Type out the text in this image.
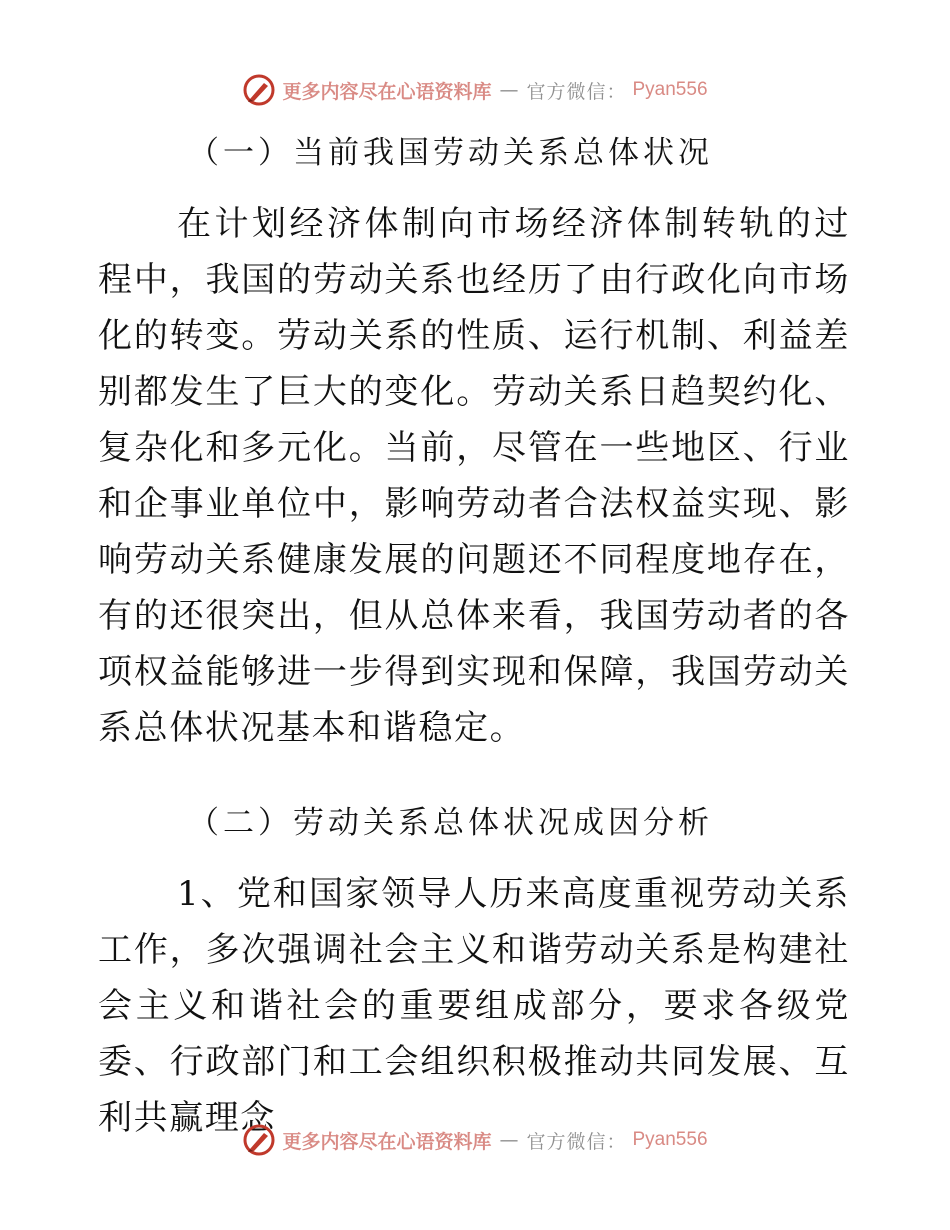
更多内容尽在心语资料库 — 官方微信： Pyan556
（一）当前我国劳动关系总体状况

在计划经济体制向市场经济体制转轨的过程中，我国的劳动关系也经历了由行政化向市场化的转变。劳动关系的性质、运行机制、利益差别都发生了巨大的变化。劳动关系日趋契约化、复杂化和多元化。当前，尽管在一些地区、行业和企事业单位中，影响劳动者合法权益实现、影响劳动关系健康发展的问题还不同程度地存在，有的还很突出，但从总体来看，我国劳动者的各项权益能够进一步得到实现和保障，我国劳动关系总体状况基本和谐稳定。

（二）劳动关系总体状况成因分析

1、党和国家领导人历来高度重视劳动关系工作，多次强调社会主义和谐劳动关系是构建社会主义和谐社会的重要组成部分，要求各级党委、行政部门和工会组织积极推动共同发展、互利共赢理念

更多内容尽在心语资料库 — 官方微信： Pyan556
